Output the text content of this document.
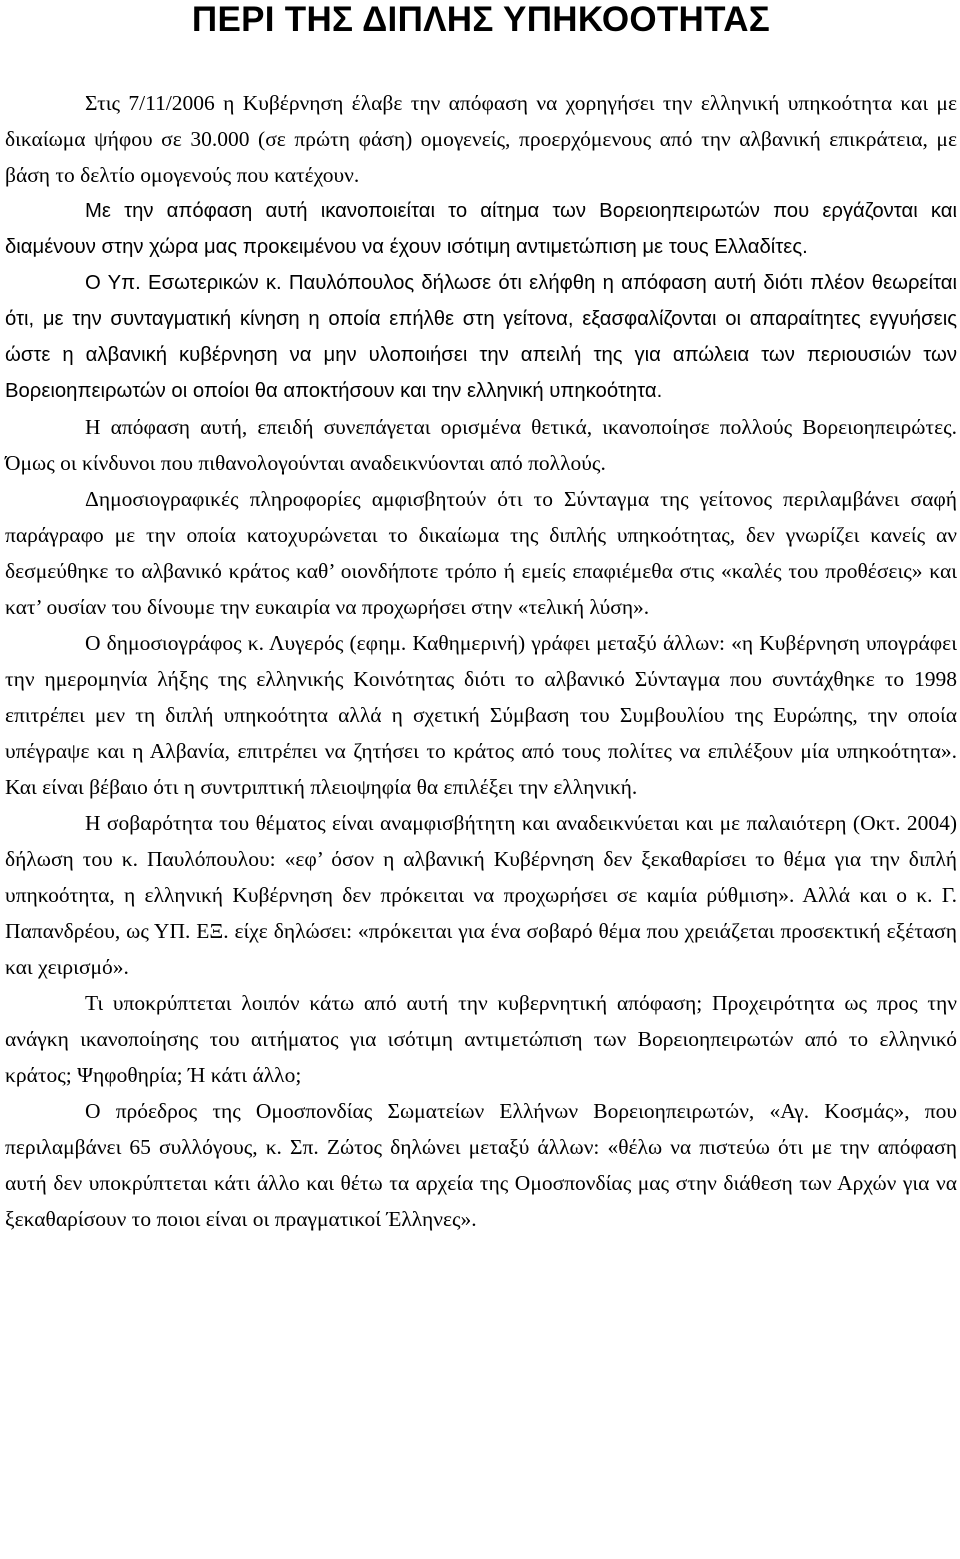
ΠΕΡΙ ΤΗΣ ΔΙΠΛΗΣ ΥΠΗΚΟΟΤΗΤΑΣ

Στις 7/11/2006 η Κυβέρνηση έλαβε την απόφαση να χορηγήσει την ελληνική υπηκοότητα και με δικαίωμα ψήφου σε 30.000 (σε πρώτη φάση) ομογενείς, προερχόμενους από την αλβανική επικράτεια, με βάση το δελτίο ομογενούς που κατέχουν.

Με την απόφαση αυτή ικανοποιείται το αίτημα των Βορειοηπειρωτών που εργάζονται και διαμένουν στην χώρα μας προκειμένου να έχουν ισότιμη αντιμετώπιση με τους Ελλαδίτες.

Ο Υπ. Εσωτερικών κ. Παυλόπουλος δήλωσε ότι ελήφθη η απόφαση αυτή διότι πλέον θεωρείται ότι, με την συνταγματική κίνηση η οποία επήλθε στη γείτονα, εξασφαλίζονται οι απαραίτητες εγγυήσεις ώστε η αλβανική κυβέρνηση να μην υλοποιήσει την απειλή της για απώλεια των περιουσιών των Βορειοηπειρωτών οι οποίοι θα αποκτήσουν και την ελληνική υπηκοότητα.

Η απόφαση αυτή, επειδή συνεπάγεται ορισμένα θετικά, ικανοποίησε πολλούς Βορειοηπειρώτες. Όμως οι κίνδυνοι που πιθανολογούνται αναδεικνύονται από πολλούς.

Δημοσιογραφικές πληροφορίες αμφισβητούν ότι το Σύνταγμα της γείτονος περιλαμβάνει σαφή παράγραφο με την οποία κατοχυρώνεται το δικαίωμα της διπλής υπηκοότητας, δεν γνωρίζει κανείς αν δεσμεύθηκε το αλβανικό κράτος καθ’ οιονδήποτε τρόπο ή εμείς επαφιέμεθα στις «καλές του προθέσεις» και κατ’ ουσίαν του δίνουμε την ευκαιρία να προχωρήσει στην «τελική λύση».

Ο δημοσιογράφος κ. Λυγερός (εφημ. Καθημερινή) γράφει μεταξύ άλλων: «η Κυβέρνηση υπογράφει την ημερομηνία λήξης της ελληνικής Κοινότητας διότι το αλβανικό Σύνταγμα που συντάχθηκε το 1998 επιτρέπει μεν τη διπλή υπηκοότητα αλλά η σχετική Σύμβαση του Συμβουλίου της Ευρώπης, την οποία υπέγραψε και η Αλβανία, επιτρέπει να ζητήσει το κράτος από τους πολίτες να επιλέξουν μία υπηκοότητα». Και είναι βέβαιο ότι η συντριπτική πλειοψηφία θα επιλέξει την ελληνική.

Η σοβαρότητα του θέματος είναι αναμφισβήτητη και αναδεικνύεται και με παλαιότερη (Οκτ. 2004) δήλωση του κ. Παυλόπουλου: «εφ’ όσον η αλβανική Κυβέρνηση δεν ξεκαθαρίσει το θέμα για την διπλή υπηκοότητα, η ελληνική Κυβέρνηση δεν πρόκειται να προχωρήσει σε καμία ρύθμιση». Αλλά και ο κ. Γ. Παπανδρέου, ως ΥΠ. ΕΞ. είχε δηλώσει: «πρόκειται για ένα σοβαρό θέμα που χρειάζεται προσεκτική εξέταση και χειρισμό».

Τι υποκρύπτεται λοιπόν κάτω από αυτή την κυβερνητική απόφαση; Προχειρότητα ως προς την ανάγκη ικανοποίησης του αιτήματος για ισότιμη αντιμετώπιση των Βορειοηπειρωτών από το ελληνικό κράτος; Ψηφοθηρία; Ή κάτι άλλο;

Ο πρόεδρος της Ομοσπονδίας Σωματείων Ελλήνων Βορειοηπειρωτών, «Αγ. Κοσμάς», που περιλαμβάνει 65 συλλόγους, κ. Σπ. Ζώτος δηλώνει μεταξύ άλλων: «θέλω να πιστεύω ότι με την απόφαση αυτή δεν υποκρύπτεται κάτι άλλο και θέτω τα αρχεία της Ομοσπονδίας μας στην διάθεση των Αρχών για να ξεκαθαρίσουν το ποιοι είναι οι πραγματικοί Έλληνες».
